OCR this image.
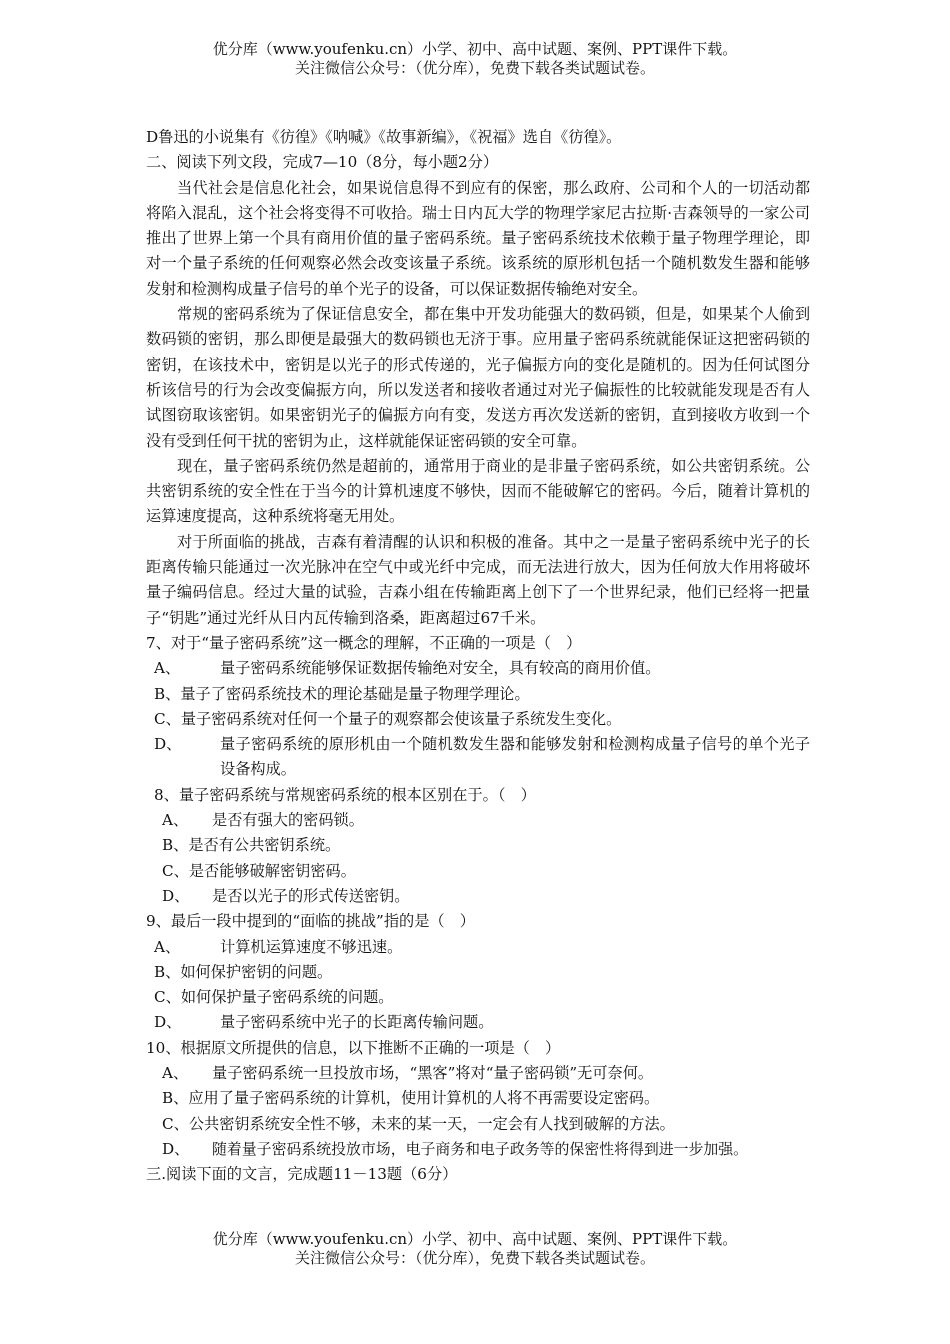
优分库（www.youfenku.cn）小学、初中、高中试题、案例、PPT课件下载。
关注微信公众号：（优分库），免费下载各类试题试卷。

D鲁迅的小说集有《彷徨》《呐喊》《故事新编》，《祝福》选自《彷徨》。

二、阅读下列文段，完成7—10（8分，每小题2分）

当代社会是信息化社会，如果说信息得不到应有的保密，那么政府、公司和个人的一切活动都将陷入混乱，这个社会将变得不可收拾。瑞士日内瓦大学的物理学家尼古拉斯·吉森领导的一家公司推出了世界上第一个具有商用价值的量子密码系统。量子密码系统技术依赖于量子物理学理论，即对一个量子系统的任何观察必然会改变该量子系统。该系统的原形机包括一个随机数发生器和能够发射和检测构成量子信号的单个光子的设备，可以保证数据传输绝对安全。

常规的密码系统为了保证信息安全，都在集中开发功能强大的数码锁，但是，如果某个人偷到数码锁的密钥，那么即便是最强大的数码锁也无济于事。应用量子密码系统就能保证这把密码锁的密钥，在该技术中，密钥是以光子的形式传递的，光子偏振方向的变化是随机的。因为任何试图分析该信号的行为会改变偏振方向，所以发送者和接收者通过对光子偏振性的比较就能发现是否有人试图窃取该密钥。如果密钥光子的偏振方向有变，发送方再次发送新的密钥，直到接收方收到一个没有受到任何干扰的密钥为止，这样就能保证密码锁的安全可靠。

现在，量子密码系统仍然是超前的，通常用于商业的是非量子密码系统，如公共密钥系统。公共密钥系统的安全性在于当今的计算机速度不够快，因而不能破解它的密码。今后，随着计算机的运算速度提高，这种系统将毫无用处。

对于所面临的挑战，吉森有着清醒的认识和积极的准备。其中之一是量子密码系统中光子的长距离传输只能通过一次光脉冲在空气中或光纤中完成，而无法进行放大，因为任何放大作用将破坏量子编码信息。经过大量的试验，吉森小组在传输距离上创下了一个世界纪录，他们已经将一把量子“钥匙”通过光纤从日内瓦传输到洛桑，距离超过67千米。

7、对于“量子密码系统”这一概念的理解，不正确的一项是（　）

A、	量子密码系统能够保证数据传输绝对安全，具有较高的商用价值。
B、 量子了密码系统技术的理论基础是量子物理学理论。
C、 量子密码系统对任何一个量子的观察都会使该量子系统发生变化。
D、	量子密码系统的原形机由一个随机数发生器和能够发射和检测构成量子信号的单个光子设备构成。

8、量子密码系统与常规密码系统的根本区别在于。（　）

A、	是否有强大的密码锁。
B、 是否有公共密钥系统。
C、 是否能够破解密钥密码。
D、	是否以光子的形式传送密钥。

9、最后一段中提到的“面临的挑战”指的是（　）

A、	计算机运算速度不够迅速。
B、 如何保护密钥的问题。
C、 如何保护量子密码系统的问题。
D、	量子密码系统中光子的长距离传输问题。

10、根据原文所提供的信息，以下推断不正确的一项是（　）

A、	量子密码系统一旦投放市场，“黑客”将对“量子密码锁”无可奈何。
B、 应用了量子密码系统的计算机，使用计算机的人将不再需要设定密码。
C、 公共密钥系统安全性不够，未来的某一天，一定会有人找到破解的方法。
D、	随着量子密码系统投放市场，电子商务和电子政务等的保密性将得到进一步加强。

三.阅读下面的文言，完成题11－13题（6分）

优分库（www.youfenku.cn）小学、初中、高中试题、案例、PPT课件下载。
关注微信公众号：（优分库），免费下载各类试题试卷。
